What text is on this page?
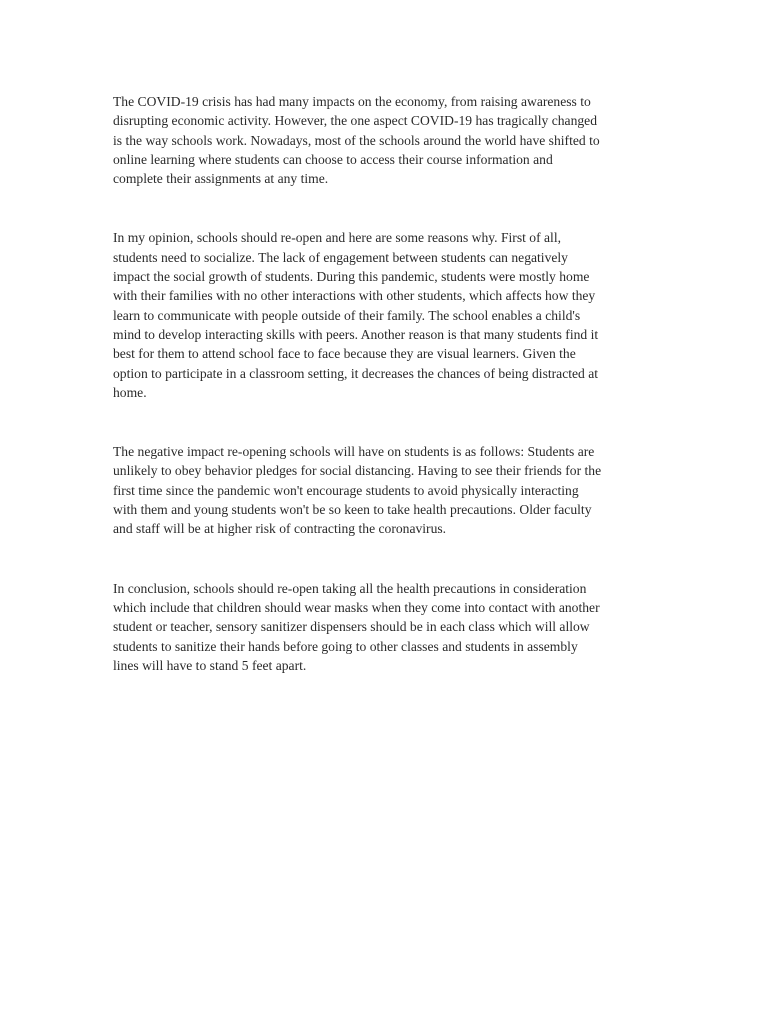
The COVID-19 crisis has had many impacts on the economy, from raising awareness to
disrupting economic activity. However, the one aspect COVID-19 has tragically changed
is the way schools work. Nowadays, most of the schools around the world have shifted to
online learning where students can choose to access their course information and
complete their assignments at any time.

In my opinion, schools should re-open and here are some reasons why. First of all,
students need to socialize. The lack of engagement between students can negatively
impact the social growth of students. During this pandemic, students were mostly home
with their families with no other interactions with other students, which affects how they
learn to communicate with people outside of their family. The school enables a child's
mind to develop interacting skills with peers. Another reason is that many students find it
best for them to attend school face to face because they are visual learners. Given the
option to participate in a classroom setting, it decreases the chances of being distracted at
home.

The negative impact re-opening schools will have on students is as follows: Students are
unlikely to obey behavior pledges for social distancing. Having to see their friends for the
first time since the pandemic won't encourage students to avoid physically interacting
with them and young students won't be so keen to take health precautions. Older faculty
and staff will be at higher risk of contracting the coronavirus.

In conclusion, schools should re-open taking all the health precautions in consideration
which include that children should wear masks when they come into contact with another
student or teacher, sensory sanitizer dispensers should be in each class which will allow
students to sanitize their hands before going to other classes and students in assembly
lines will have to stand 5 feet apart.
